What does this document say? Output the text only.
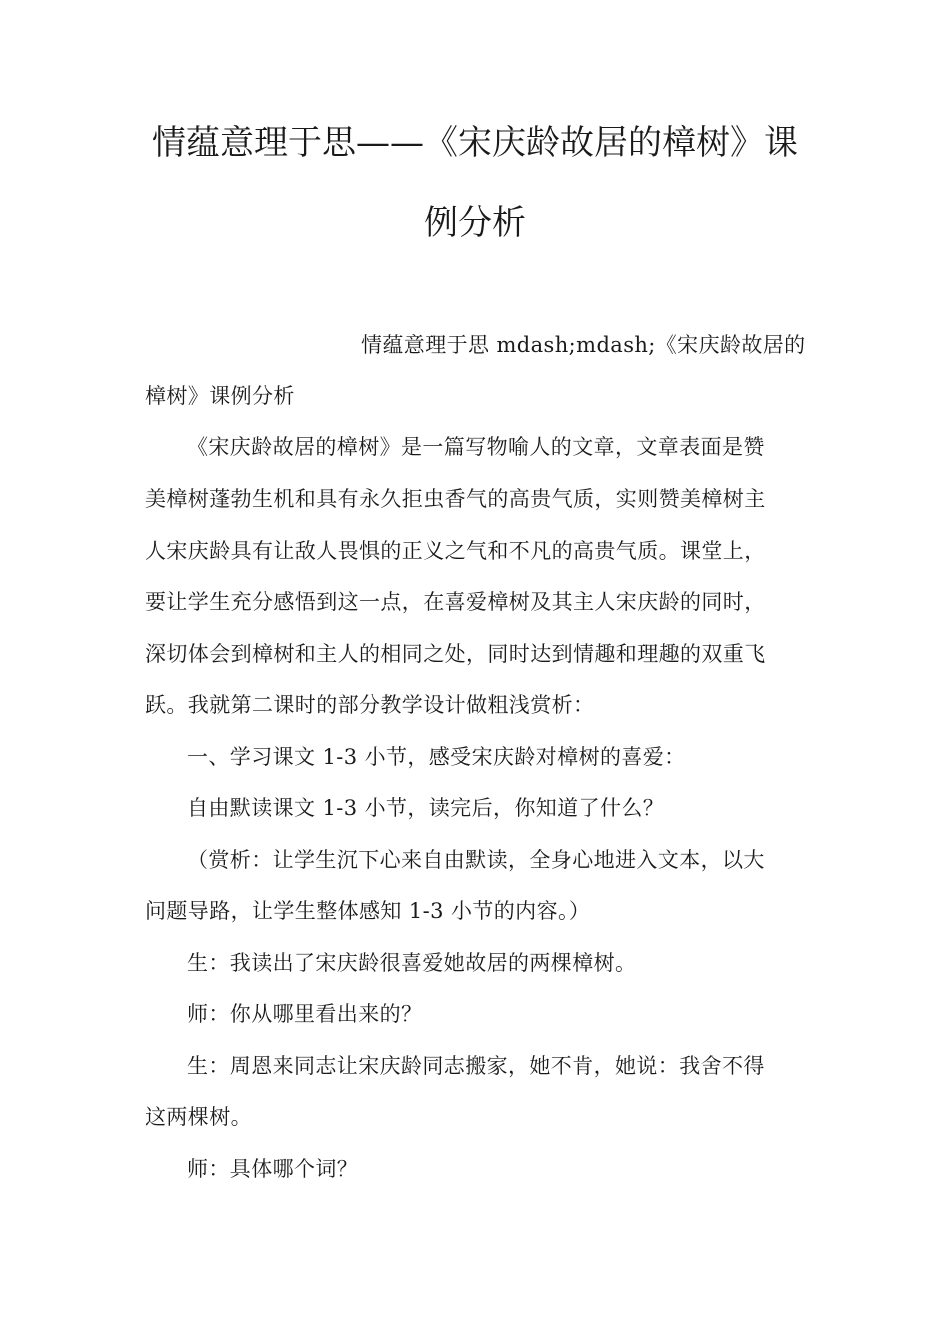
情蕴意理于思——《宋庆龄故居的樟树》课
例分析
情蕴意理于思 mdash;mdash;《宋庆龄故居的
樟树》课例分析
《宋庆龄故居的樟树》是一篇写物喻人的文章，文章表面是赞
美樟树蓬勃生机和具有永久拒虫香气的高贵气质，实则赞美樟树主
人宋庆龄具有让敌人畏惧的正义之气和不凡的高贵气质。课堂上，
要让学生充分感悟到这一点，在喜爱樟树及其主人宋庆龄的同时，
深切体会到樟树和主人的相同之处，同时达到情趣和理趣的双重飞
跃。我就第二课时的部分教学设计做粗浅赏析：
一、学习课文 1-3 小节，感受宋庆龄对樟树的喜爱：
自由默读课文 1-3 小节，读完后，你知道了什么？
（赏析：让学生沉下心来自由默读，全身心地进入文本，以大
问题导路，让学生整体感知 1-3 小节的内容。）
生：我读出了宋庆龄很喜爱她故居的两棵樟树。
师：你从哪里看出来的？
生：周恩来同志让宋庆龄同志搬家，她不肯，她说：我舍不得
这两棵树。
师：具体哪个词？
